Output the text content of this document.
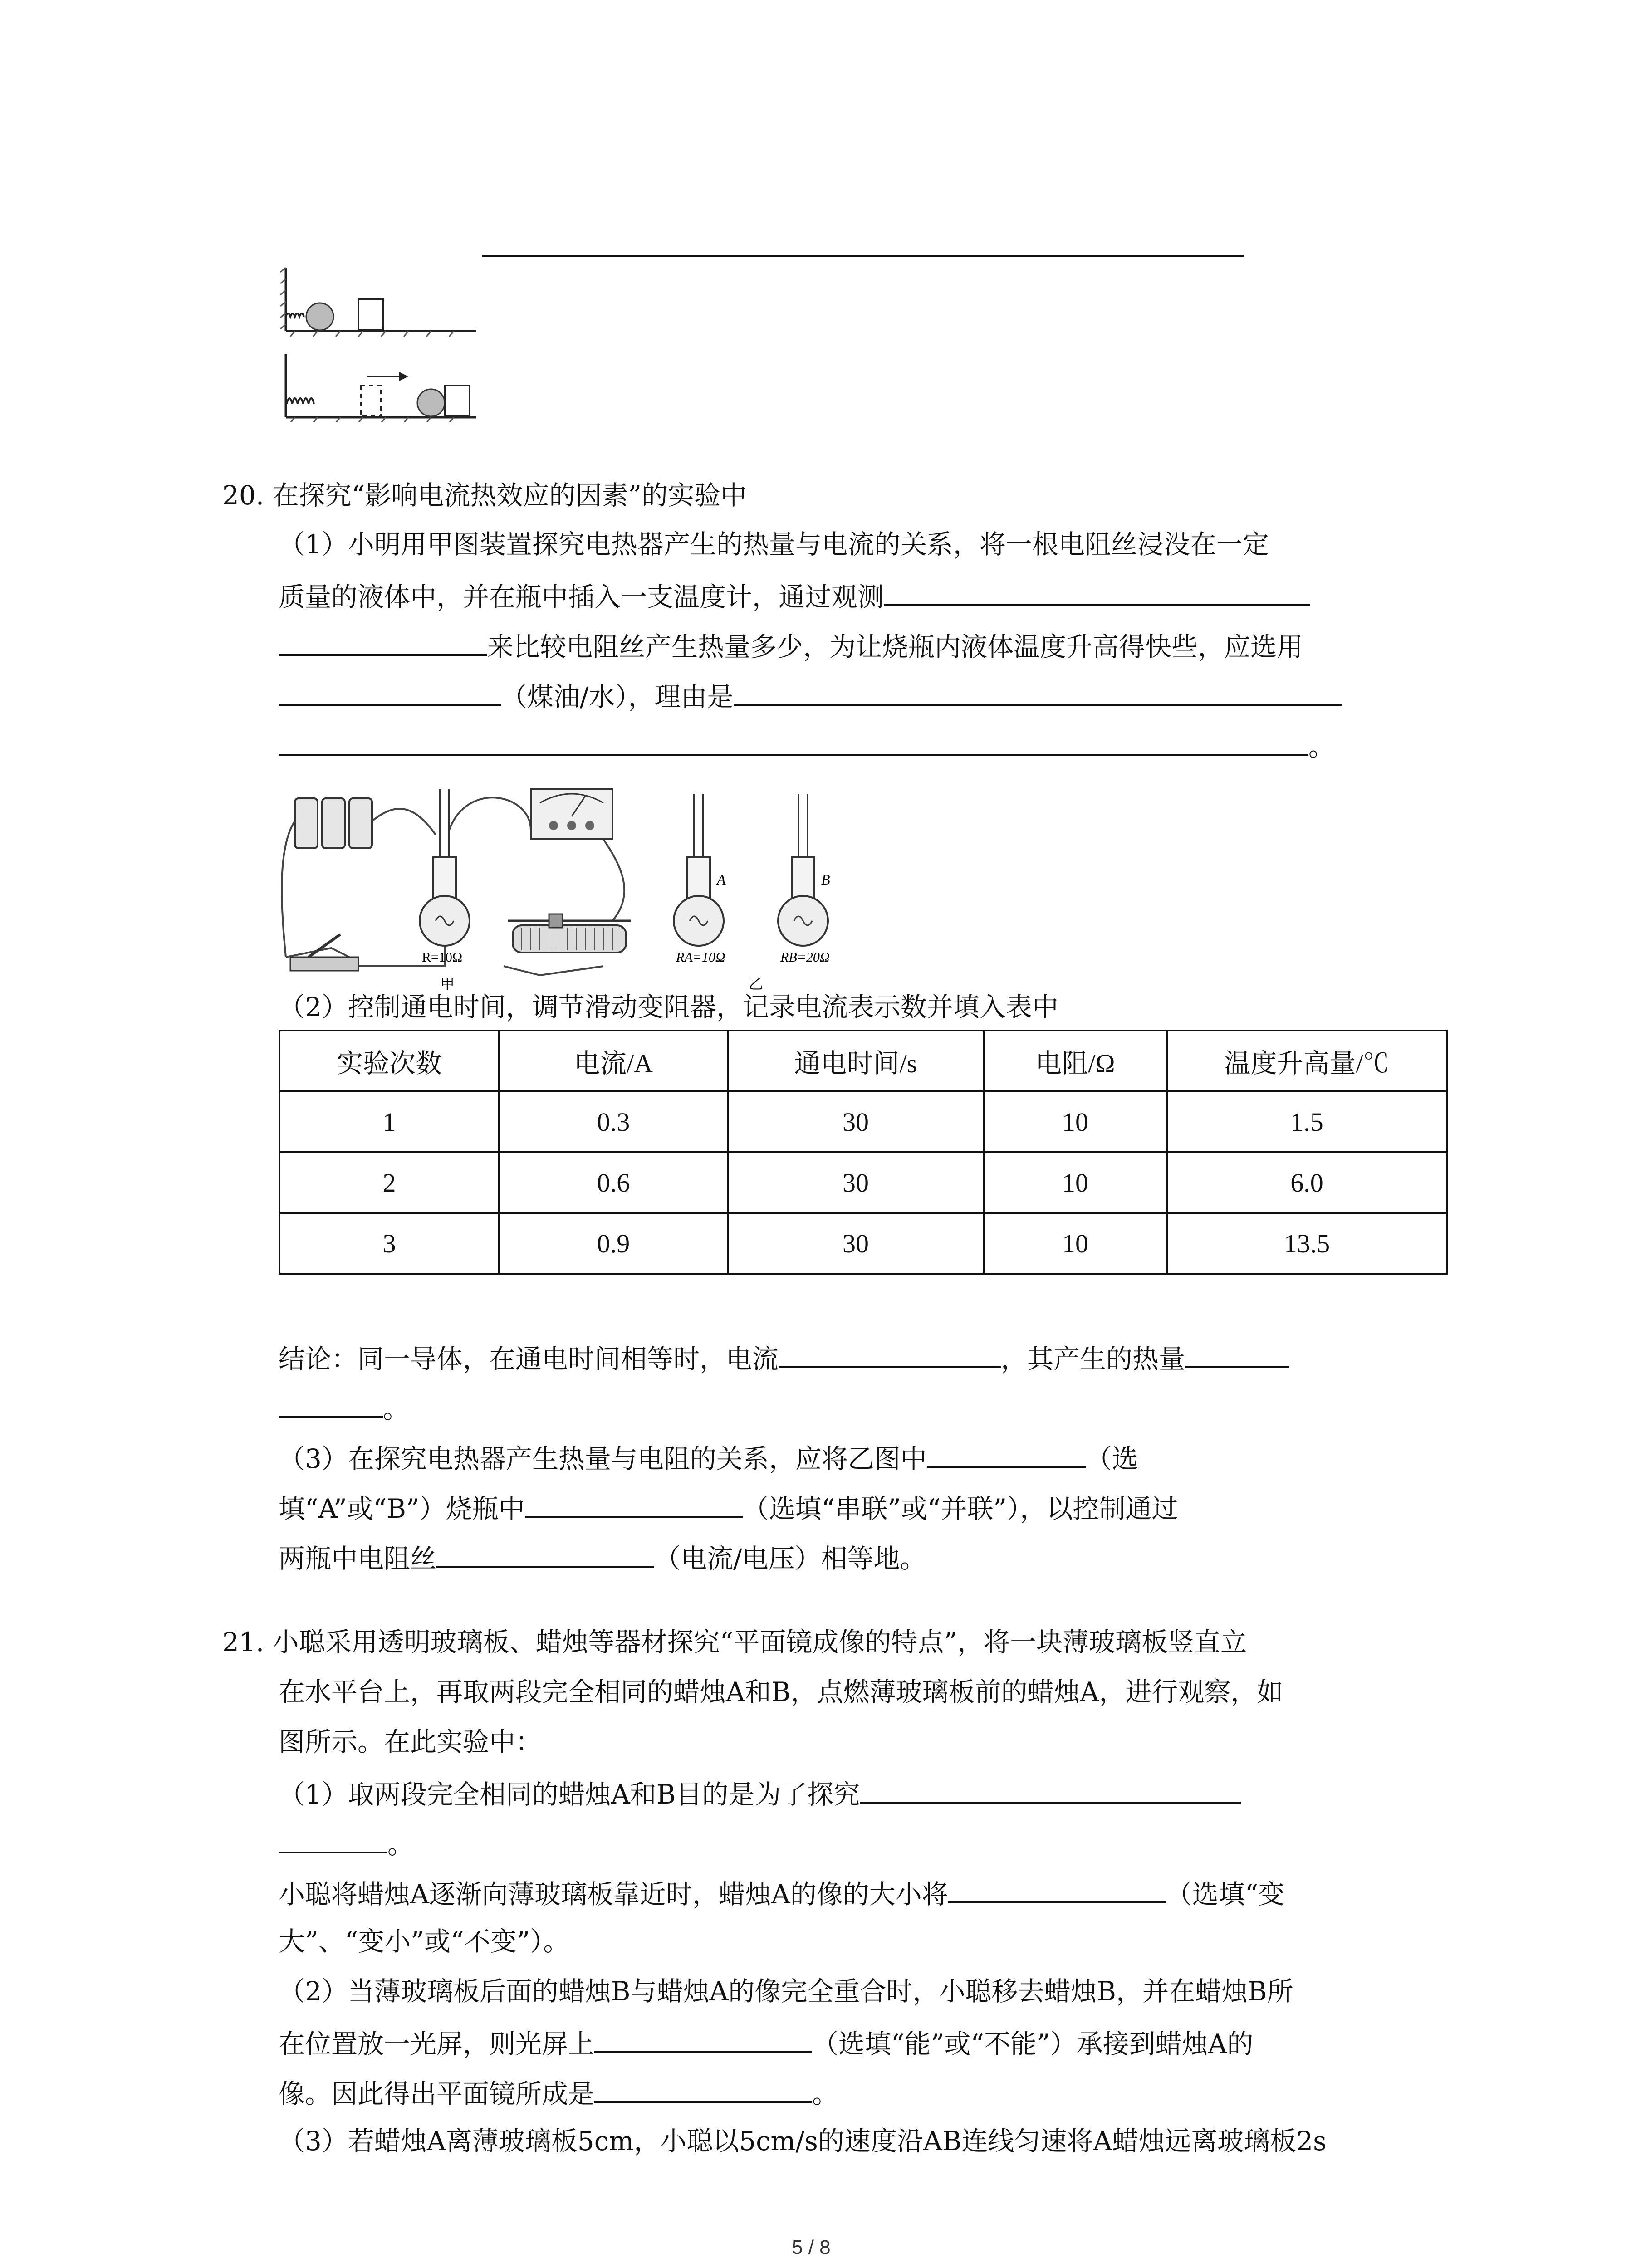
20. 在探究“影响电流热效应的因素”的实验中
（1）小明用甲图装置探究电热器产生的热量与电流的关系，将一根电阻丝浸没在一定
质量的液体中，并在瓶中插入一支温度计，通过观测
来比较电阻丝产生热量多少，为让烧瓶内液体温度升高得快些，应选用
（煤油/水），理由是
。
R=10Ω
甲
A
RA=10Ω
B
RB=20Ω
乙
（2）控制通电时间，调节滑动变阻器，记录电流表示数并填入表中
实验次数	电流/A	通电时间/s	电阻/Ω	温度升高量/℃
1	0.3	30	10	1.5
2	0.6	30	10	6.0
3	0.9	30	10	13.5
结论：同一导体，在通电时间相等时，电流	，其产生的热量
。
（3）在探究电热器产生热量与电阻的关系，应将乙图中	（选
填“A”或“B”）烧瓶中	（选填“串联”或“并联”），以控制通过
两瓶中电阻丝	（电流/电压）相等地。
21. 小聪采用透明玻璃板、蜡烛等器材探究“平面镜成像的特点”，将一块薄玻璃板竖直立
在水平台上，再取两段完全相同的蜡烛A和B，点燃薄玻璃板前的蜡烛A，进行观察，如
图所示。在此实验中：
（1）取两段完全相同的蜡烛A和B目的是为了探究
。
小聪将蜡烛A逐渐向薄玻璃板靠近时，蜡烛A的像的大小将	（选填“变
大”、“变小”或“不变”）。
（2）当薄玻璃板后面的蜡烛B与蜡烛A的像完全重合时，小聪移去蜡烛B，并在蜡烛B所
在位置放一光屏，则光屏上	（选填“能”或“不能”）承接到蜡烛A的
像。因此得出平面镜所成是	。
（3）若蜡烛A离薄玻璃板5cm，小聪以5cm/s的速度沿AB连线匀速将A蜡烛远离玻璃板2s
5 / 8
